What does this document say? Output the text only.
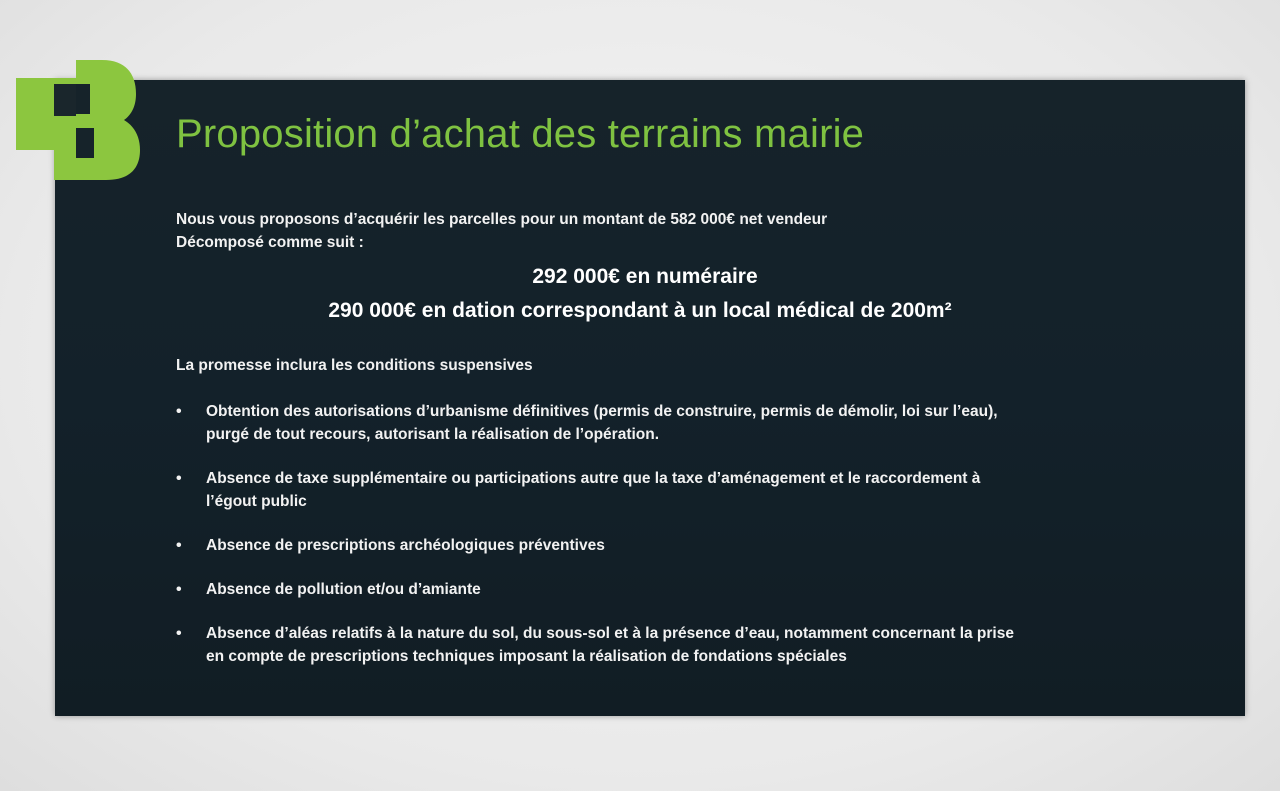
Proposition d’achat des terrains mairie
Nous vous proposons d’acquérir les parcelles pour un montant de 582 000€ net vendeur
Décomposé comme suit :
292 000€ en numéraire
290 000€ en dation correspondant à un local médical de 200m²
La promesse inclura les conditions suspensives
• Obtention des autorisations d’urbanisme définitives (permis de construire, permis de démolir, loi sur l’eau),
purgé de tout recours, autorisant la réalisation de l’opération.
• Absence de taxe supplémentaire ou participations autre que la taxe d’aménagement et le raccordement à
l’égout public
• Absence de prescriptions archéologiques préventives
• Absence de pollution et/ou d’amiante
• Absence d’aléas relatifs à la nature du sol, du sous-sol et à la présence d’eau, notamment concernant la prise
en compte de prescriptions techniques imposant la réalisation de fondations spéciales
